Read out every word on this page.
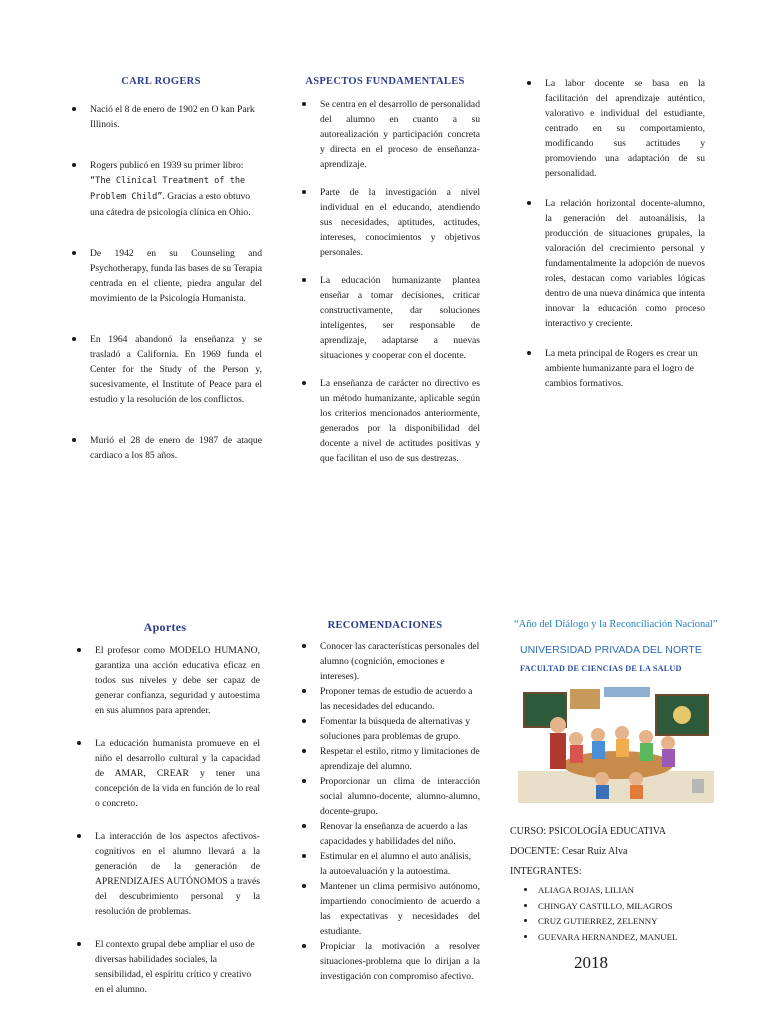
CARL ROGERS
Nació el 8 de enero de 1902 en O kan Park Illinois.
Rogers publicó en 1939 su primer libro:
“The Clinical Treatment of the Problem Child”. Gracias a esto obtuvo una cátedra de psicología clínica en Ohio.
De 1942 en su Counseling and Psychotherapy, funda las bases de su Terapia centrada en el cliente, piedra angular del movimiento de la Psicología Humanista.
En 1964 abandonó la enseñanza y se trasladó a California. En 1969 funda el Center for the Study of the Person y, sucesivamente, el Institute of Peace para el estudio y la resolución de los conflictos.
Murió el 28 de enero de 1987 de ataque cardiaco a los 85 años.
ASPECTOS FUNDAMENTALES
Se centra en el desarrollo de personalidad del alumno en cuanto a su autorealización y participación concreta y directa en el proceso de enseñanza-aprendizaje.
Parte de la investigación a nivel individual en el educando, atendiendo sus necesidades, aptitudes, actitudes, intereses, conocimientos y objetivos personales.
La educación humanizante plantea enseñar a tomar decisiones, criticar constructivamente, dar soluciones inteligentes, ser responsable de aprendizaje, adaptarse a nuevas situaciones y cooperar con el docente.
La enseñanza de carácter no directivo es un método humanizante, aplicable según los criterios mencionados anteriormente, generados por la disponibilidad del docente a nivel de actitudes positivas y que facilitan el uso de sus destrezas.
La labor docente se basa en la facilitación del aprendizaje auténtico, valorativo e individual del estudiante, centrado en su comportamiento, modificando sus actitudes y promoviendo una adaptación de su personalidad.
La relación horizontal docente-alumno, la generación del autoanálisis, la producción de situaciones grupales, la valoración del crecimiento personal y fundamentalmente la adopción de nuevos roles, destacan como variables lógicas dentro de una nueva dinámica que intenta innovar la educación como proceso interactivo y creciente.
La meta principal de Rogers es crear un ambiente humanizante para el logro de cambios formativos.
Aportes
El profesor como MODELO HUMANO, garantiza una acción educativa eficaz en todos sus niveles y debe ser capaz de generar confianza, seguridad y autoestima en sus alumnos para aprender.
La educación humanista promueve en el niño el desarrollo cultural y la capacidad de AMAR, CREAR y tener una concepción de la vida en función de lo real o concreto.
La interacción de los aspectos afectivos-cognitivos en el alumno llevará a la generación de la generación de APRENDIZAJES AUTÓNOMOS a través del descubrimiento personal y la resolución de problemas.
El contexto grupal debe ampliar el uso de diversas habilidades sociales, la sensibilidad, el espíritu crítico y creativo en el alumno.
RECOMENDACIONES
Conocer las características personales del alumno (cognición, emociones e intereses).
Proponer temas de estudio de acuerdo a las necesidades del educando.
Fomentar la búsqueda de alternativas y soluciones para problemas de grupo.
Respetar el estilo, ritmo y limitaciones de aprendizaje del alumno.
Proporcionar un clima de interacción social alumno-docente, alumno-alumno, docente-grupo.
Renovar la enseñanza de acuerdo a las capacidades y habilidades del niño.
Estimular en el alumno el auto análisis, la autoevaluación y la autoestima.
Mantener un clima permisivo autónomo, impartiendo conocimiento de acuerdo a las expectativas y necesidades del estudiante.
Propiciar la motivación a resolver situaciones-problema que lo dirijan a la investigación con compromiso afectivo.
“Año del Diálogo y la Reconciliación Nacional”
UNIVERSIDAD PRIVADA DEL NORTE
FACULTAD DE CIENCIAS DE LA SALUD
CURSO: PSICOLOGÍA EDUCATIVA
DOCENTE: Cesar Ruiz Alva
INTEGRANTES:
ALIAGA ROJAS, LILIAN
CHINGAY CASTILLO, MILAGROS
CRUZ GUTIERREZ, ZELENNY
GUEVARA HERNANDEZ, MANUEL
2018
